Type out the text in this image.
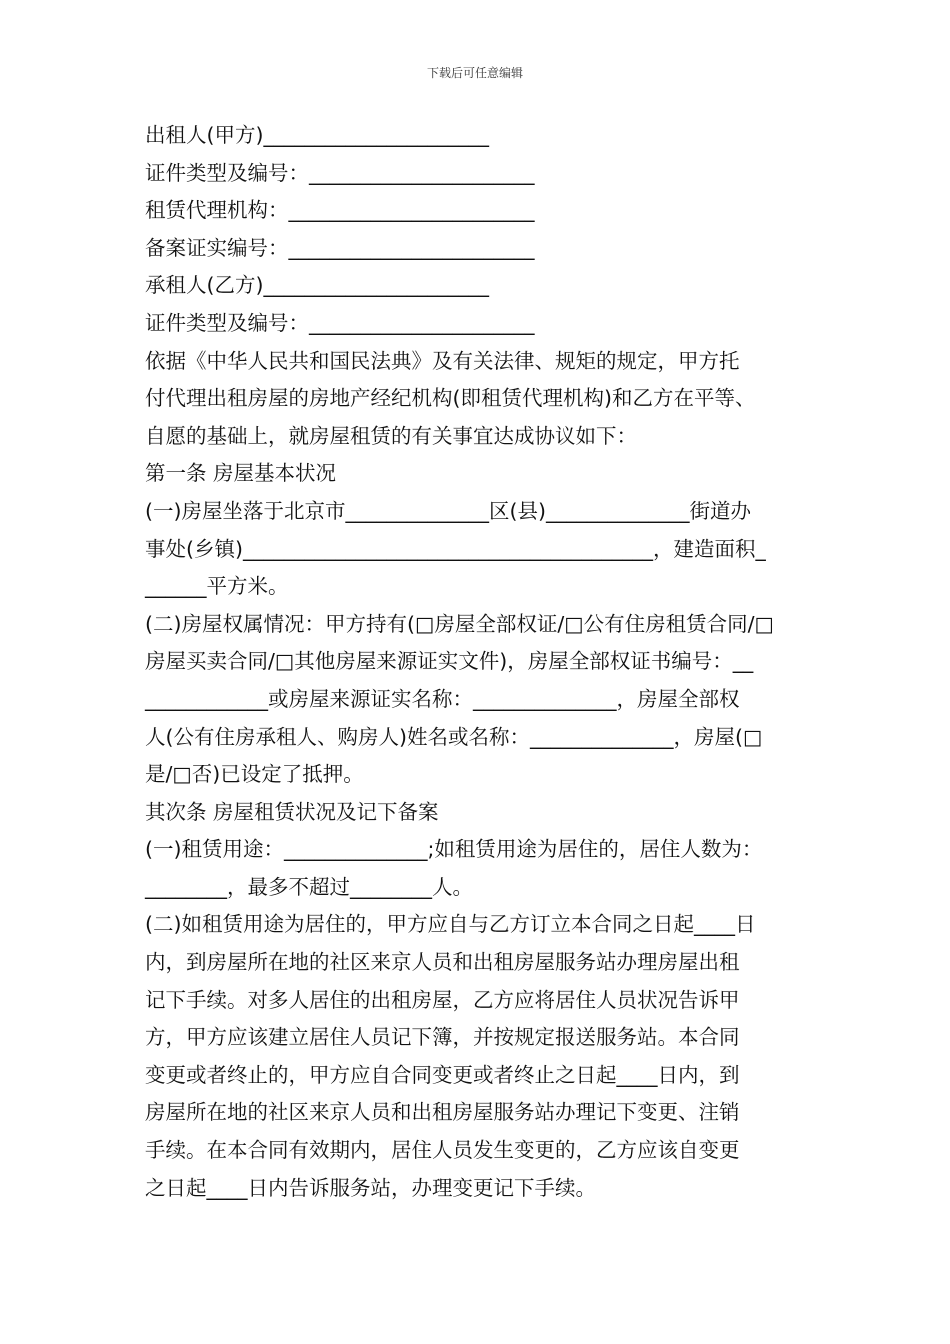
下载后可任意编辑
出租人(甲方)______________________
证件类型及编号：______________________
租赁代理机构：________________________
备案证实编号：________________________
承租人(乙方)______________________
证件类型及编号：______________________
依据《中华人民共和国民法典》及有关法律、规矩的规定，甲方托
付代理出租房屋的房地产经纪机构(即租赁代理机构)和乙方在平等、
自愿的基础上，就房屋租赁的有关事宜达成协议如下：
第一条 房屋基本状况
(一)房屋坐落于北京市______________区(县)______________街道办
事处(乡镇)________________________________________，建造面积_
______平方米。
(二)房屋权属情况：甲方持有(□房屋全部权证/□公有住房租赁合同/□
房屋买卖合同/□其他房屋来源证实文件)，房屋全部权证书编号：__
____________或房屋来源证实名称：______________，房屋全部权
人(公有住房承租人、购房人)姓名或名称：______________，房屋(□
是/□否)已设定了抵押。
其次条 房屋租赁状况及记下备案
(一)租赁用途：______________;如租赁用途为居住的，居住人数为：
________，最多不超过________人。
(二)如租赁用途为居住的，甲方应自与乙方订立本合同之日起____日
内，到房屋所在地的社区来京人员和出租房屋服务站办理房屋出租
记下手续。对多人居住的出租房屋，乙方应将居住人员状况告诉甲
方，甲方应该建立居住人员记下簿，并按规定报送服务站。本合同
变更或者终止的，甲方应自合同变更或者终止之日起____日内，到
房屋所在地的社区来京人员和出租房屋服务站办理记下变更、注销
手续。在本合同有效期内，居住人员发生变更的，乙方应该自变更
之日起____日内告诉服务站，办理变更记下手续。
